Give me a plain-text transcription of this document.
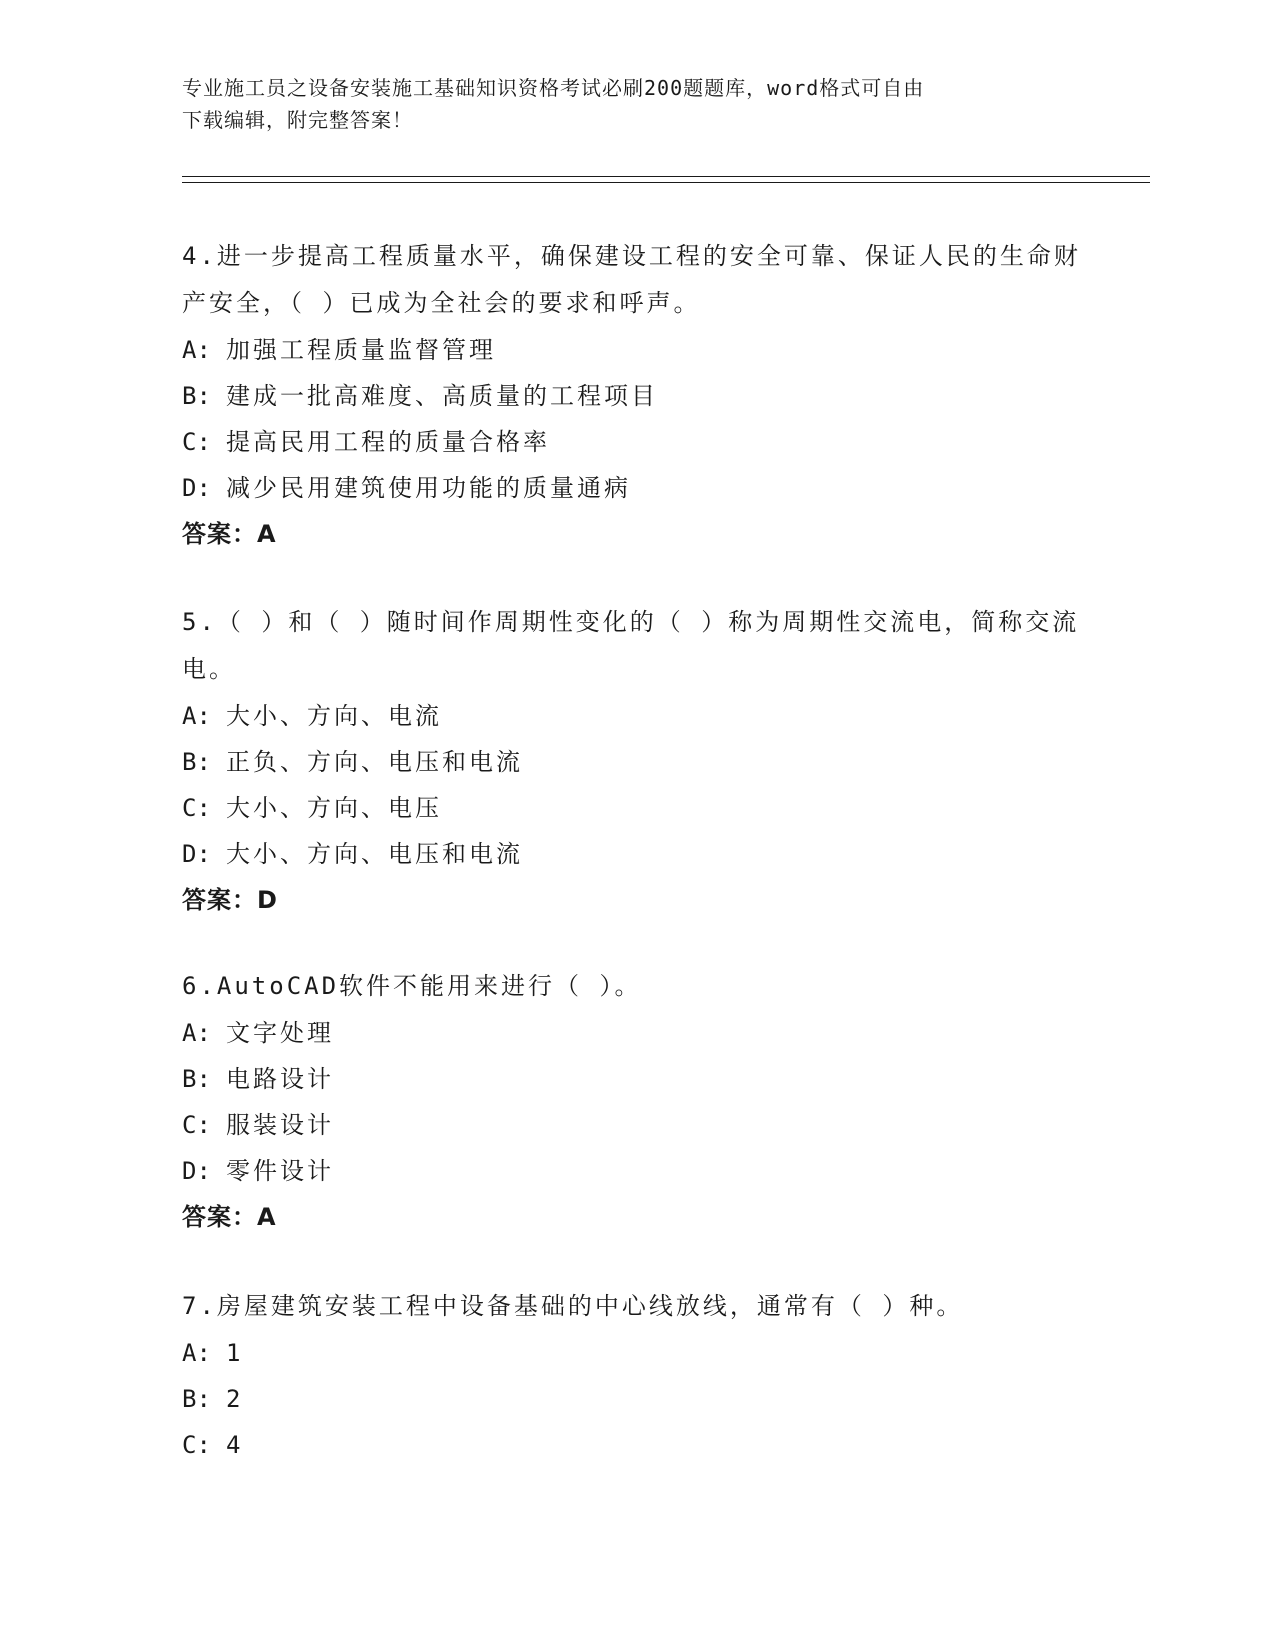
专业施工员之设备安装施工基础知识资格考试必刷200题题库，word格式可自由
下载编辑，附完整答案！

4.进一步提高工程质量水平，确保建设工程的安全可靠、保证人民的生命财产安全，（ ）已成为全社会的要求和呼声。

A: 加强工程质量监督管理

B: 建成一批高难度、高质量的工程项目

C: 提高民用工程的质量合格率

D: 减少民用建筑使用功能的质量通病

答案：A

5.（ ）和（ ）随时间作周期性变化的（ ）称为周期性交流电，简称交流电。

A: 大小、方向、电流

B: 正负、方向、电压和电流

C: 大小、方向、电压

D: 大小、方向、电压和电流

答案：D

6.AutoCAD软件不能用来进行（ ）。

A: 文字处理

B: 电路设计

C: 服装设计

D: 零件设计

答案：A

7.房屋建筑安装工程中设备基础的中心线放线，通常有（ ）种。

A: 1

B: 2

C: 4
